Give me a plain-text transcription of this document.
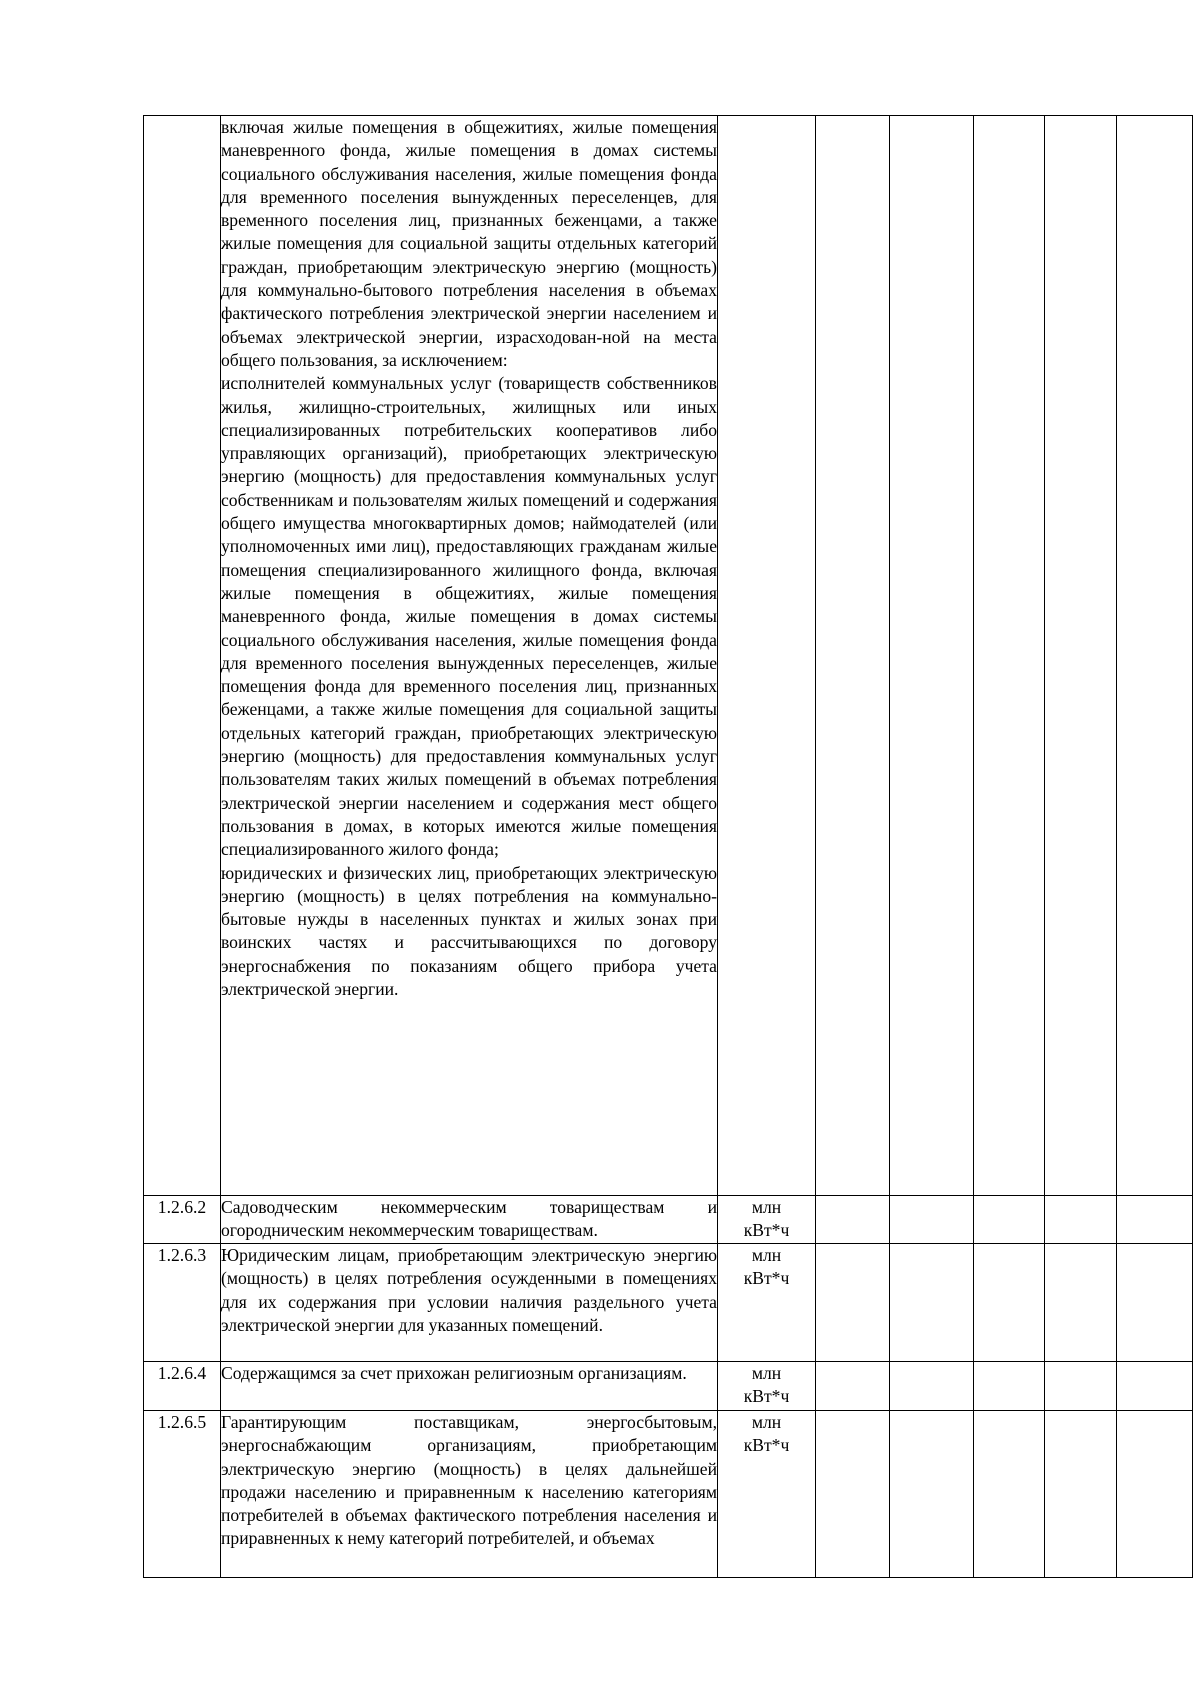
	включая жилые помещения в общежитиях, жилые помещения маневренного фонда, жилые помещения в домах системы социального обслуживания населения, жилые помещения фонда для временного поселения вынужденных переселенцев, для временного поселения лиц, признанных беженцами, а также жилые помещения для социальной защиты отдельных категорий граждан, приобретающим электрическую энергию (мощность) для коммунально-бытового потребления населения в объемах фактического потребления электрической энергии населением и объемах электрической энергии, израсходован-ной на места общего пользования, за исключением:
исполнителей коммунальных услуг (товариществ собственников жилья, жилищно-строительных, жилищных или иных специализированных потребительских кооперативов либо управляющих организаций), приобретающих электрическую энергию (мощность) для предоставления коммунальных услуг собственникам и пользователям жилых помещений и содержания общего имущества многоквартирных домов; наймодателей (или уполномоченных ими лиц), предоставляющих гражданам жилые помещения специализированного жилищного фонда, включая жилые помещения в общежитиях, жилые помещения маневренного фонда, жилые помещения в домах системы социального обслуживания населения, жилые помещения фонда для временного поселения вынужденных переселенцев, жилые помещения фонда для временного поселения лиц, признанных беженцами, а также жилые помещения для социальной защиты отдельных категорий граждан, приобретающих электрическую энергию (мощность) для предоставления коммунальных услуг пользователям таких жилых помещений в объемах потребления электрической энергии населением и содержания мест общего пользования в домах, в которых имеются жилые помещения специализированного жилого фонда;
юридических и физических лиц, приобретающих электрическую энергию (мощность) в целях потребления на коммунально-бытовые нужды в населенных пунктах и жилых зонах при воинских частях и рассчитывающихся по договору энергоснабжения по показаниям общего прибора учета электрической энергии.						

1.2.6.2	Садоводческим некоммерческим товариществам и огородническим некоммерческим товариществам.	млн
кВт*ч					

1.2.6.3	Юридическим лицам, приобретающим электрическую энергию (мощность) в целях потребления осужденными в помещениях для их содержания при условии наличия раздельного учета электрической энергии для указанных помещений.	млн
кВт*ч					

1.2.6.4	Содержащимся за счет прихожан религиозным организациям.	млн
кВт*ч					

1.2.6.5	Гарантирующим поставщикам, энергосбытовым, энергоснабжающим организациям, приобретающим электрическую энергию (мощность) в целях дальнейшей продажи населению и приравненным к населению категориям потребителей в объемах фактического потребления населения и приравненных к нему категорий потребителей, и объемах	млн
кВт*ч					
